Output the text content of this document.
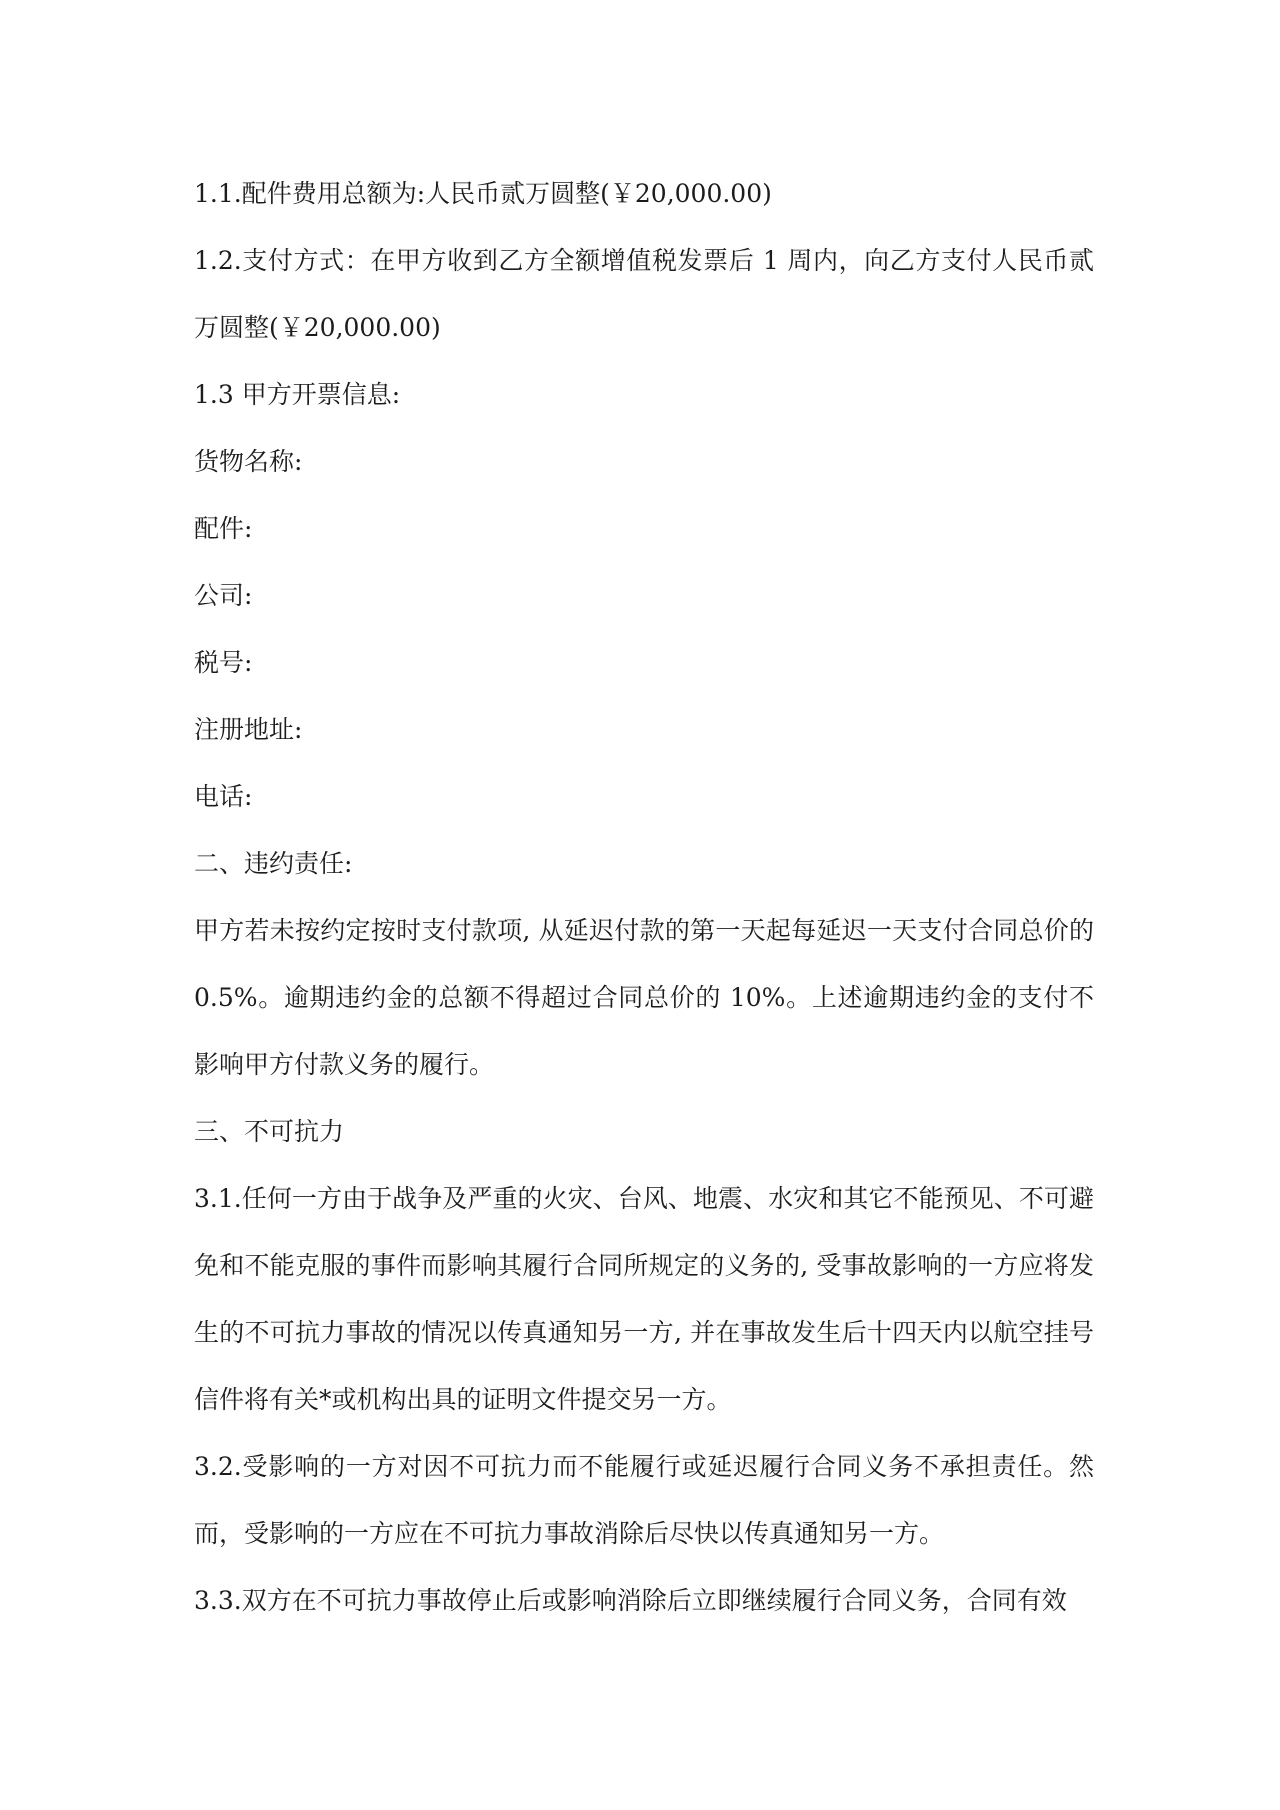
1.1.配件费用总额为:人民币贰万圆整(￥20,000.00)

1.2.支付方式：在甲方收到乙方全额增值税发票后 1 周内，向乙方支付人民币贰万圆整(￥20,000.00)

1.3 甲方开票信息:

货物名称:

配件:

公司:

税号:

注册地址:

电话:

二、违约责任:

甲方若未按约定按时支付款项, 从延迟付款的第一天起每延迟一天支付合同总价的 0.5%。逾期违约金的总额不得超过合同总价的 10%。上述逾期违约金的支付不影响甲方付款义务的履行。

三、不可抗力

3.1.任何一方由于战争及严重的火灾、台风、地震、水灾和其它不能预见、不可避免和不能克服的事件而影响其履行合同所规定的义务的, 受事故影响的一方应将发生的不可抗力事故的情况以传真通知另一方, 并在事故发生后十四天内以航空挂号信件将有关*或机构出具的证明文件提交另一方。

3.2.受影响的一方对因不可抗力而不能履行或延迟履行合同义务不承担责任。然而，受影响的一方应在不可抗力事故消除后尽快以传真通知另一方。

3.3.双方在不可抗力事故停止后或影响消除后立即继续履行合同义务，合同有效
